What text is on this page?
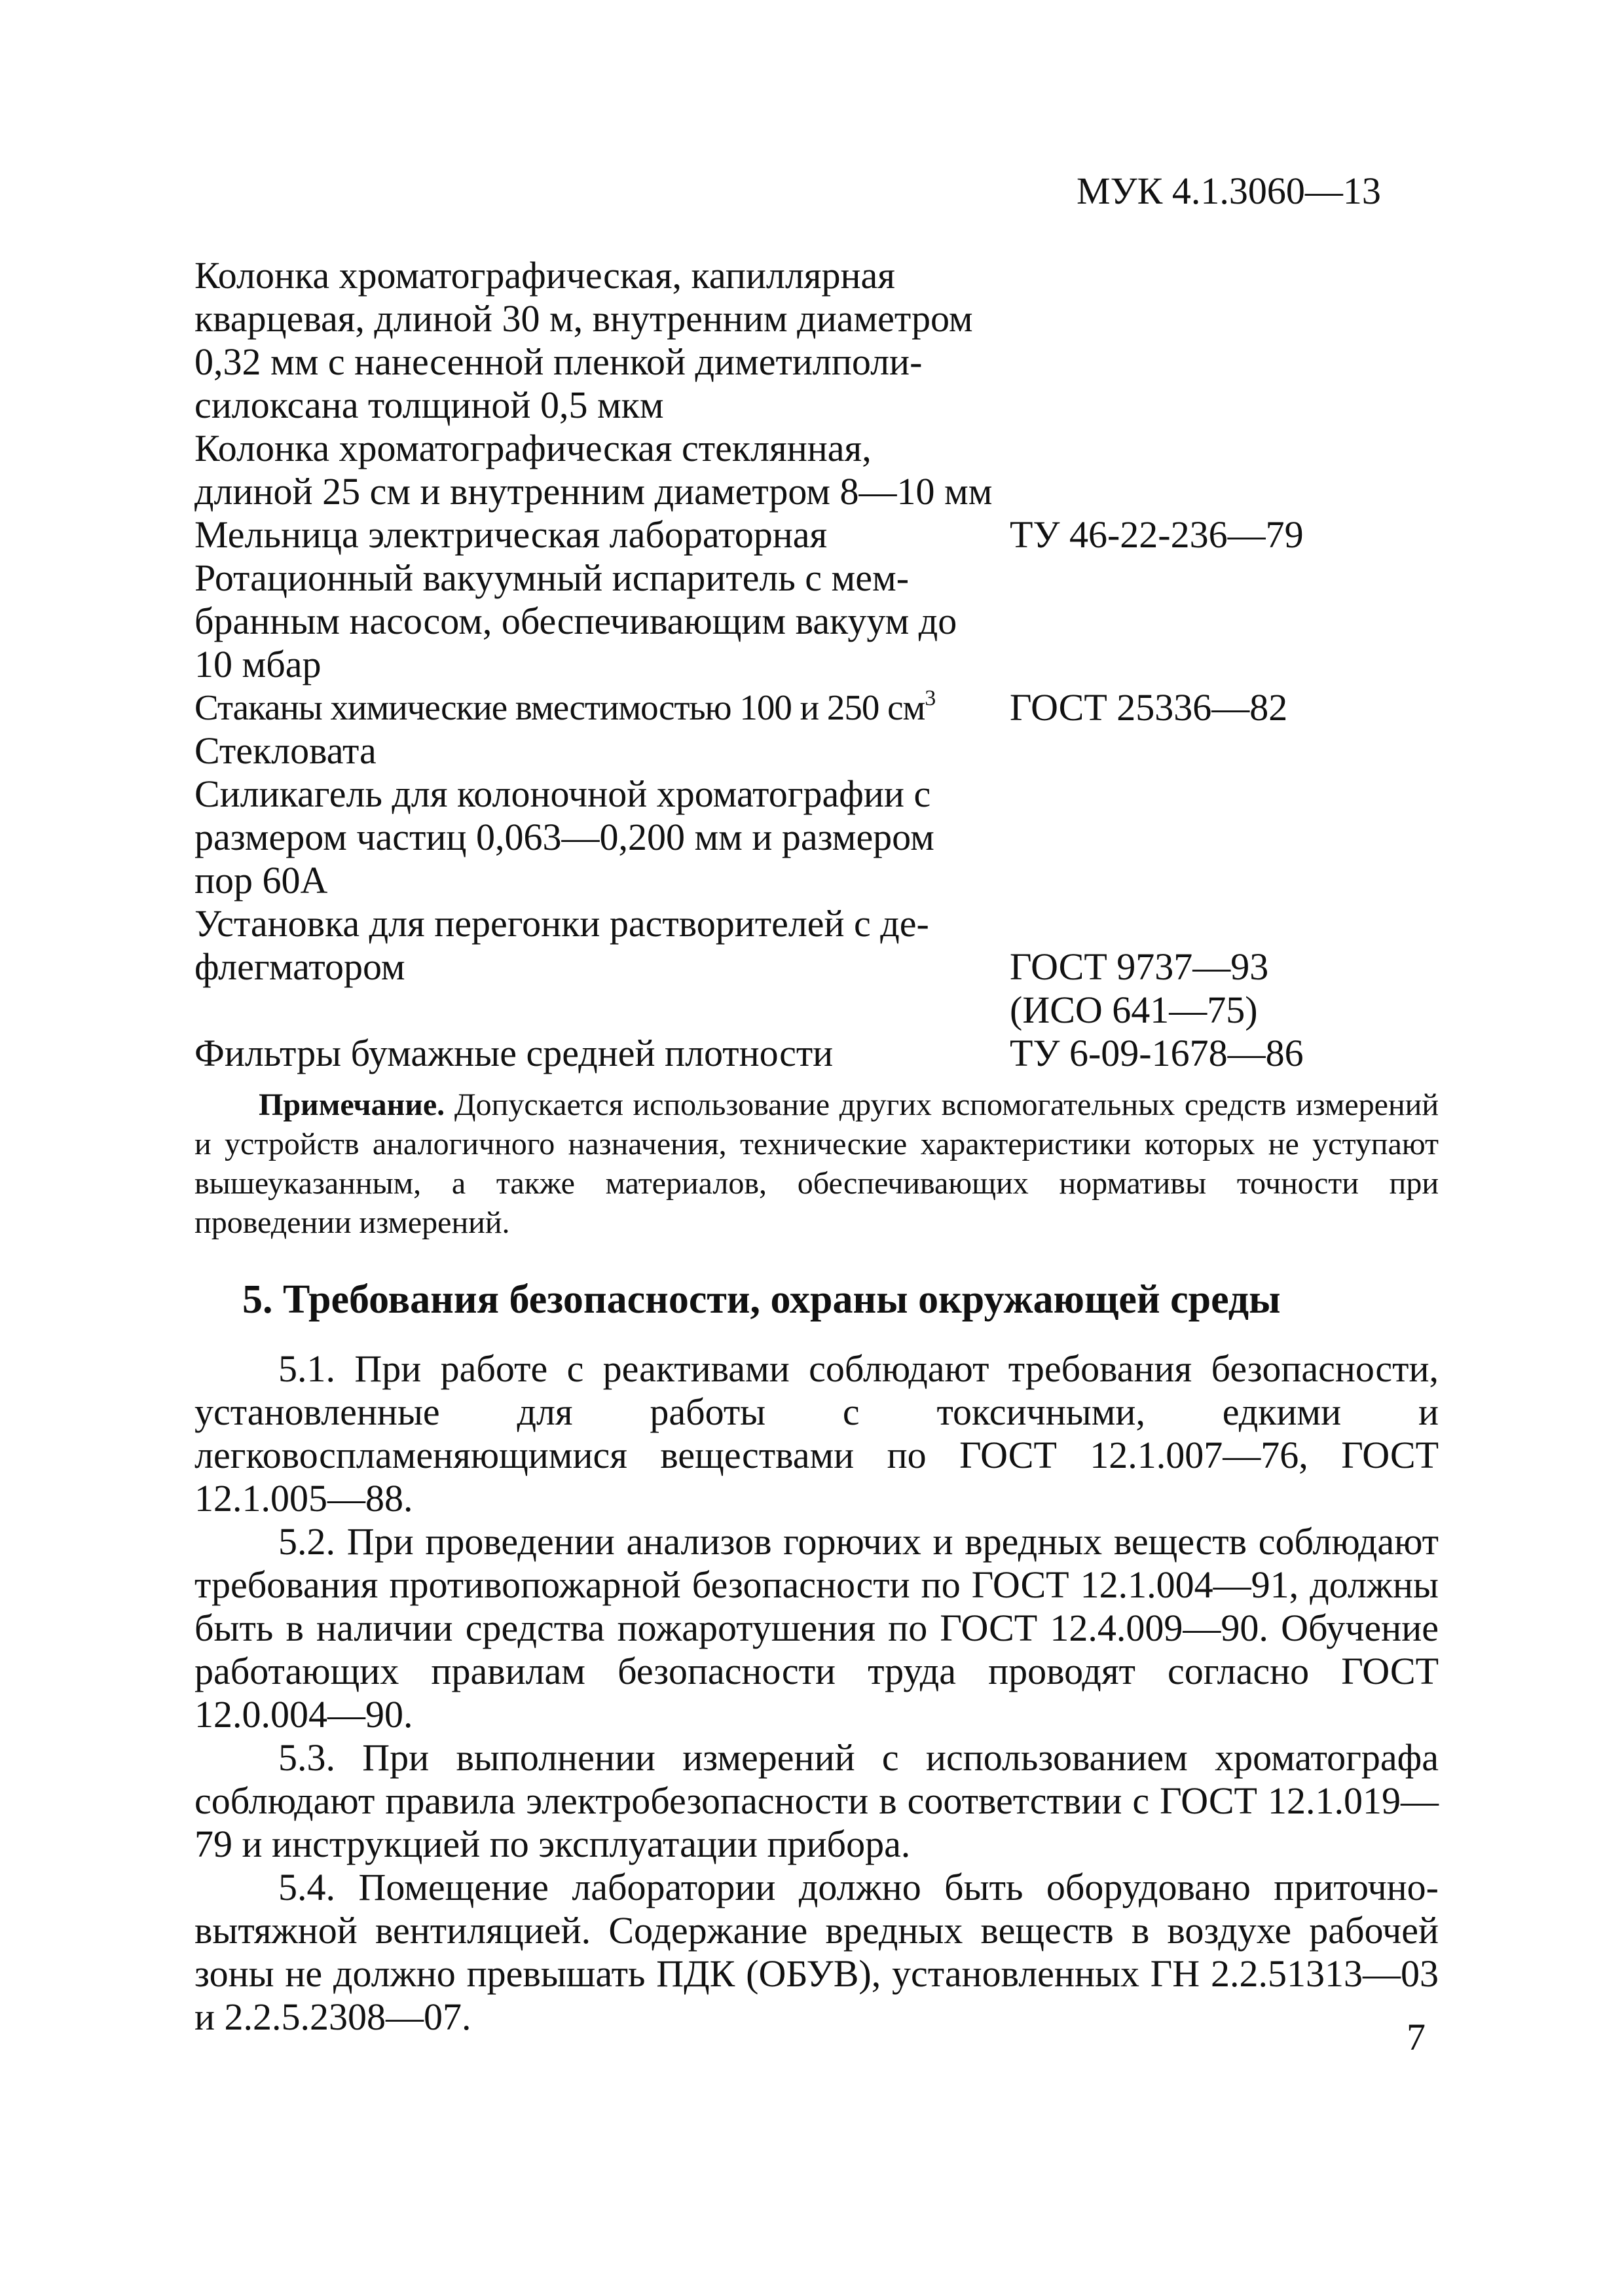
МУК 4.1.3060—13
Колонка хроматографическая, капиллярная
кварцевая, длиной 30 м, внутренним диаметром
0,32 мм с нанесенной пленкой диметилполи-
силоксана толщиной 0,5 мкм
Колонка хроматографическая стеклянная,
длиной 25 см и внутренним диаметром 8—10 мм
Мельница электрическая лабораторная	ТУ 46-22-236—79
Ротационный вакуумный испаритель с мем-
бранным насосом, обеспечивающим вакуум до
10 мбар
Стаканы химические вместимостью 100 и 250 $см^3$	ГОСТ 25336—82
Стекловата
Силикагель для колоночной хроматографии с
размером частиц 0,063—0,200 мм и размером
пор 60А
Установка для перегонки растворителей с де-
флегматором	ГОСТ 9737—93
(ИСО 641—75)
Фильтры бумажные средней плотности	ТУ 6-09-1678—86
Примечание. Допускается использование других вспомогательных средств измерений и устройств аналогичного назначения, технические характеристики которых не уступают вышеуказанным, а также материалов, обеспечивающих нормативы точности при проведении измерений.
5. Требования безопасности, охраны окружающей среды

5.1. При работе с реактивами соблюдают требования безопасности, установленные для работы с токсичными, едкими и легковоспламеняющимися веществами по ГОСТ 12.1.007—76, ГОСТ 12.1.005—88.

5.2. При проведении анализов горючих и вредных веществ соблюдают требования противопожарной безопасности по ГОСТ 12.1.004—91, должны быть в наличии средства пожаротушения по ГОСТ 12.4.009—90. Обучение работающих правилам безопасности труда проводят согласно ГОСТ 12.0.004—90.

5.3. При выполнении измерений с использованием хроматографа соблюдают правила электробезопасности в соответствии с ГОСТ 12.1.019—79 и инструкцией по эксплуатации прибора.

5.4. Помещение лаборатории должно быть оборудовано приточно-вытяжной вентиляцией. Содержание вредных веществ в воздухе рабочей зоны не должно превышать ПДК (ОБУВ), установленных ГН 2.2.51313—03 и 2.2.5.2308—07.	7
